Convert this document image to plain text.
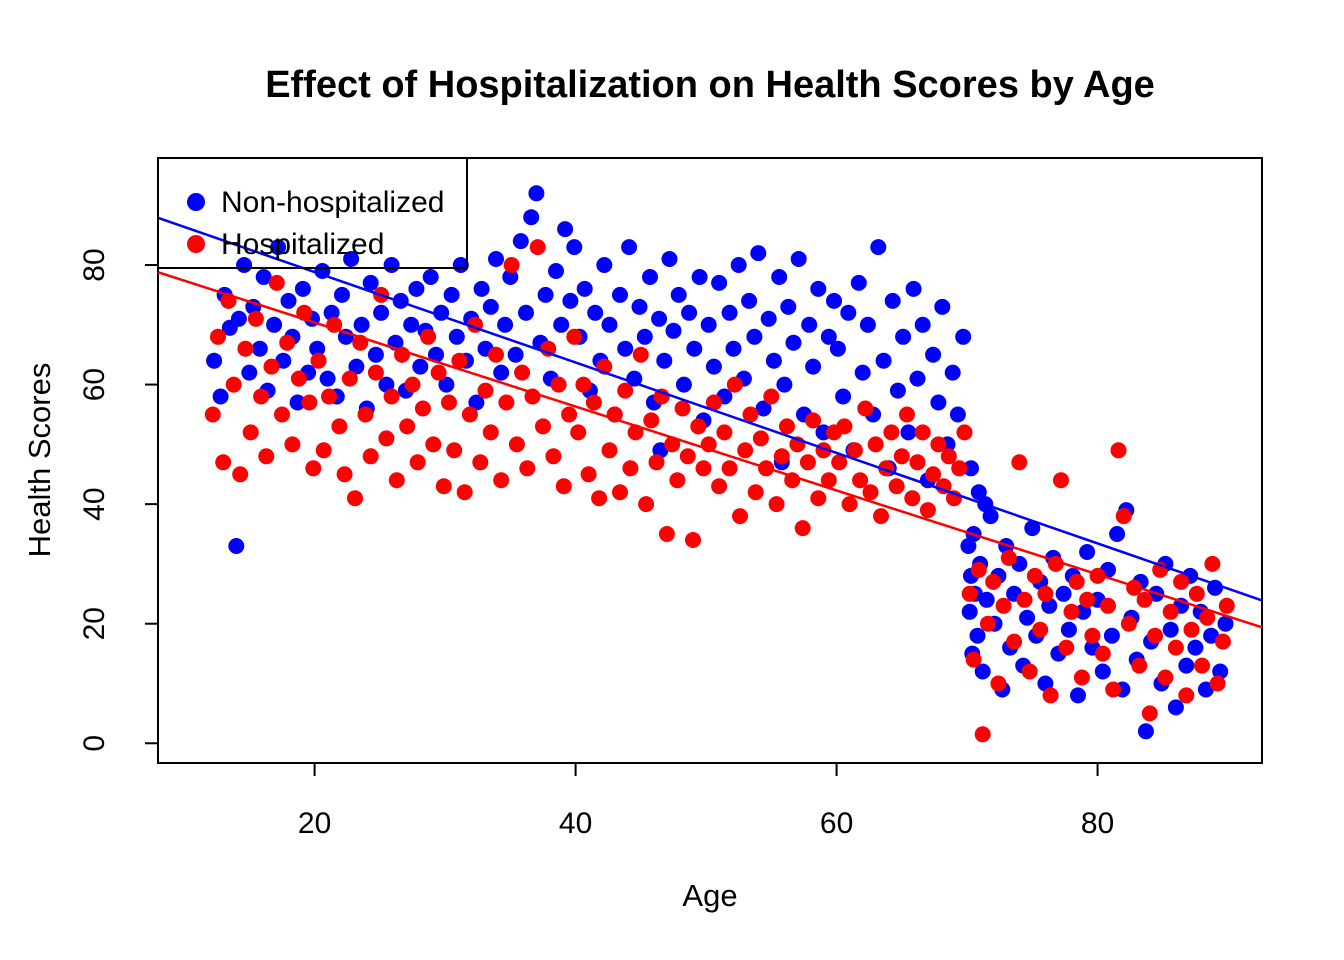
Effect of Hospitalization on Health Scores by Age
20	40	60	80
0
20
40
60
80
Non-hospitalized
Hospitalized
Age
Health Scores
